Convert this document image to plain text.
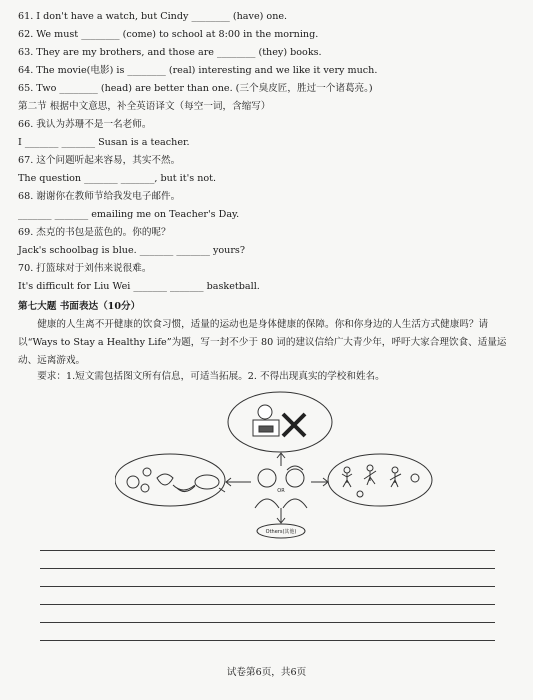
61. I don't have a watch, but Cindy ________ (have) one.
62. We must ________ (come) to school at 8:00 in the morning.
63. They are my brothers, and those are ________ (they) books.
64. The movie(电影) is ________ (real) interesting and we like it very much.
65. Two ________ (head) are better than one. (三个臭皮匠，胜过一个诸葛亮。)
第二节 根据中文意思，补全英语译文（每空一词，含缩写）
66. 我认为苏珊不是一名老师。
I _______ _______ Susan is a teacher.
67. 这个问题听起来容易，其实不然。
The question _______ _______, but it's not.
68. 谢谢你在教师节给我发电子邮件。
_______ _______ emailing me on Teacher's Day.
69. 杰克的书包是蓝色的。你的呢？
Jack's schoolbag is blue. _______ _______ yours?
70. 打篮球对于刘伟来说很难。
It's difficult for Liu Wei _______ _______ basketball.
第七大题 书面表达（10分）
健康的人生离不开健康的饮食习惯，适量的运动也是身体健康的保障。你和你身边的人生活方式健康吗？请以“Ways to Stay a Healthy Life”为题，写一封不少于 80 词的建议信给广大青少年，呼吁大家合理饮食、适量运动、远离游戏。
要求：1.短文需包括图文所有信息，可适当拓展。2. 不得出现真实的学校和姓名。
OR
Others(其他)
试卷第6页，共6页
